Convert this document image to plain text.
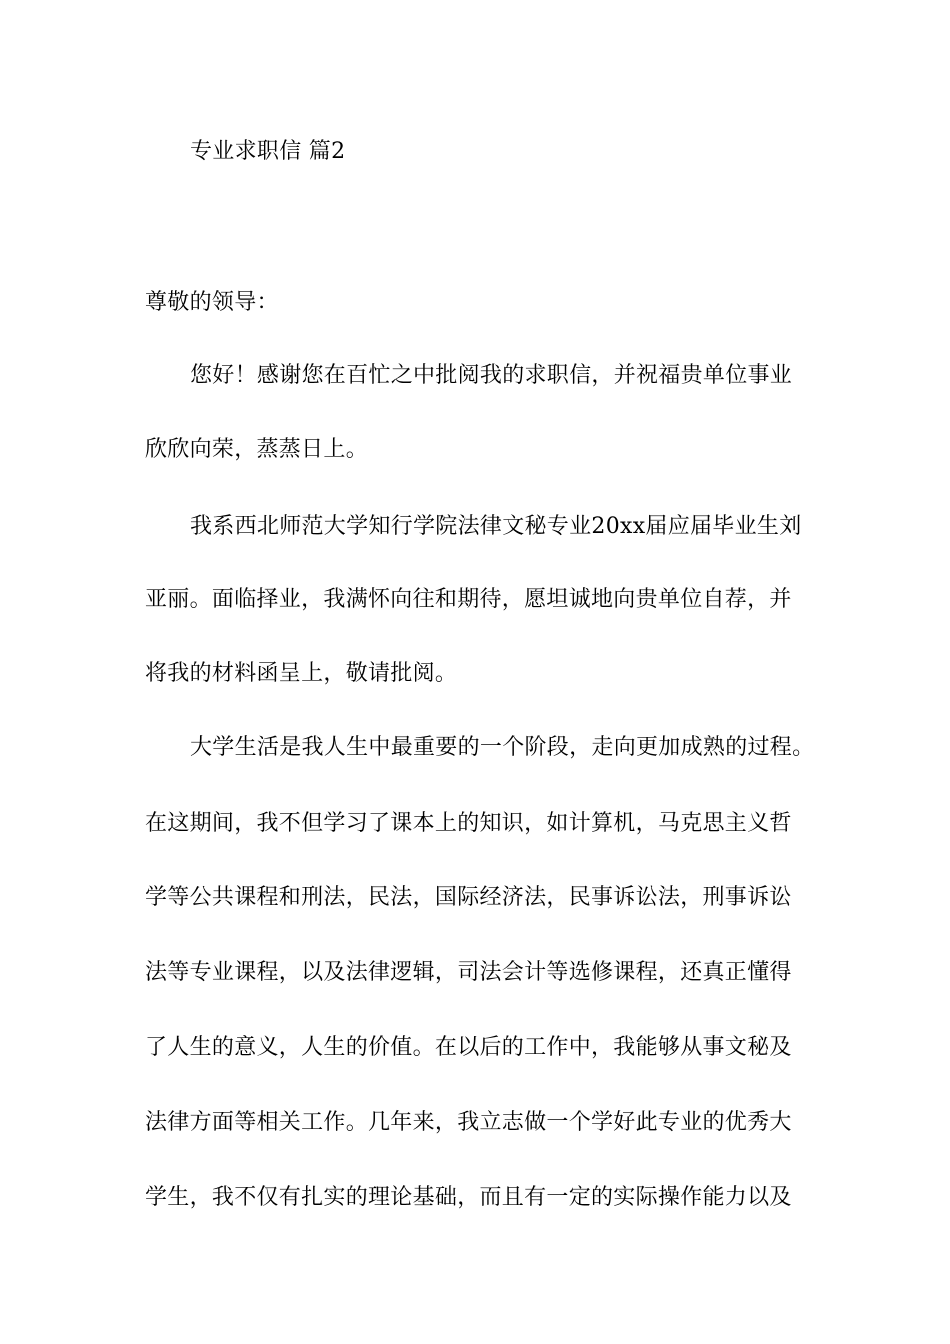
专业求职信 篇2
尊敬的领导：
您好！感谢您在百忙之中批阅我的求职信，并祝福贵单位事业
欣欣向荣，蒸蒸日上。
我系西北师范大学知行学院法律文秘专业20xx届应届毕业生刘
亚丽。面临择业，我满怀向往和期待，愿坦诚地向贵单位自荐，并
将我的材料函呈上，敬请批阅。
大学生活是我人生中最重要的一个阶段，走向更加成熟的过程。
在这期间，我不但学习了课本上的知识，如计算机，马克思主义哲
学等公共课程和刑法，民法，国际经济法，民事诉讼法，刑事诉讼
法等专业课程，以及法律逻辑，司法会计等选修课程，还真正懂得
了人生的意义，人生的价值。在以后的工作中，我能够从事文秘及
法律方面等相关工作。几年来，我立志做一个学好此专业的优秀大
学生，我不仅有扎实的理论基础，而且有一定的实际操作能力以及
